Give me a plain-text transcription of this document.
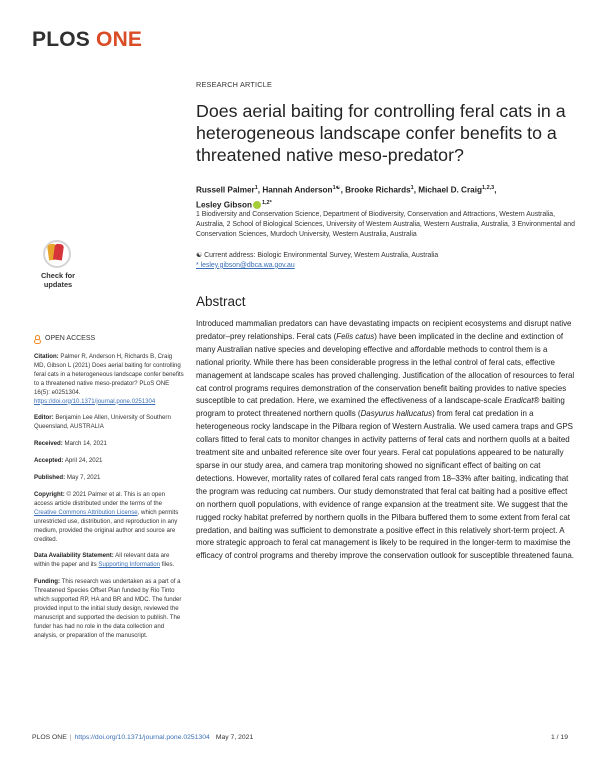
PLOS ONE
RESEARCH ARTICLE
Does aerial baiting for controlling feral cats in a heterogeneous landscape confer benefits to a threatened native meso-predator?
Russell Palmer$^1$, Hannah Anderson$^{1☯}$, Brooke Richards$^1$, Michael D. Craig$^{1,2,3}$,
Lesley Gibson $^{1,2*}$
1 Biodiversity and Conservation Science, Department of Biodiversity, Conservation and Attractions, Western Australia, Australia, 2 School of Biological Sciences, University of Western Australia, Western Australia, Australia, 3 Environmental and Conservation Sciences, Murdoch University, Western Australia, Australia
☯ Current address: Biologic Environmental Survey, Western Australia, Australia
* lesley.gibson@dbca.wa.gov.au
Check for
updates
OPEN ACCESS
Citation: Palmer R, Anderson H, Richards B, Craig MD, Gibson L (2021) Does aerial baiting for controlling feral cats in a heterogeneous landscape confer benefits to a threatened native meso-predator? PLoS ONE 16(5): e0251304. https://doi.org/10.1371/journal.pone.0251304
Editor: Benjamin Lee Allen, University of Southern Queensland, AUSTRALIA
Received: March 14, 2021
Accepted: April 24, 2021
Published: May 7, 2021
Copyright: © 2021 Palmer et al. This is an open access article distributed under the terms of the Creative Commons Attribution License, which permits unrestricted use, distribution, and reproduction in any medium, provided the original author and source are credited.
Data Availability Statement: All relevant data are within the paper and its Supporting Information files.
Funding: This research was undertaken as a part of a Threatened Species Offset Plan funded by Rio Tinto which supported RP, HA and BR and MDC. The funder provided input to the initial study design, reviewed the manuscript and supported the decision to publish. The funder has had no role in the data collection and analysis, or preparation of the manuscript.
Abstract

Introduced mammalian predators can have devastating impacts on recipient ecosystems and disrupt native predator–prey relationships. Feral cats (Felis catus) have been implicated in the decline and extinction of many Australian native species and developing effective and affordable methods to control them is a national priority. While there has been considerable progress in the lethal control of feral cats, effective management at landscape scales has proved challenging. Justification of the allocation of resources to feral cat control programs requires demonstration of the conservation benefit baiting provides to native species susceptible to cat predation. Here, we examined the effectiveness of a landscape-scale Eradicat® baiting program to protect threatened northern quolls (Dasyurus hallucatus) from feral cat predation in a heterogeneous rocky landscape in the Pilbara region of Western Australia. We used camera traps and GPS collars fitted to feral cats to monitor changes in activity patterns of feral cats and northern quolls at a baited treatment site and unbaited reference site over four years. Feral cat populations appeared to be naturally sparse in our study area, and camera trap monitoring showed no significant effect of baiting on cat detections. However, mortality rates of collared feral cats ranged from 18–33% after baiting, indicating that the program was reducing cat numbers. Our study demonstrated that feral cat baiting had a positive effect on northern quoll populations, with evidence of range expansion at the treatment site. We suggest that the rugged rocky habitat preferred by northern quolls in the Pilbara buffered them to some extent from feral cat predation, and baiting was sufficient to demonstrate a positive effect in this relatively short-term project. A more strategic approach to feral cat management is likely to be required in the longer-term to maximise the efficacy of control programs and thereby improve the conservation outlook for susceptible threatened fauna.

PLOS ONE | https://doi.org/10.1371/journal.pone.0251304 May 7, 2021	1 / 19
